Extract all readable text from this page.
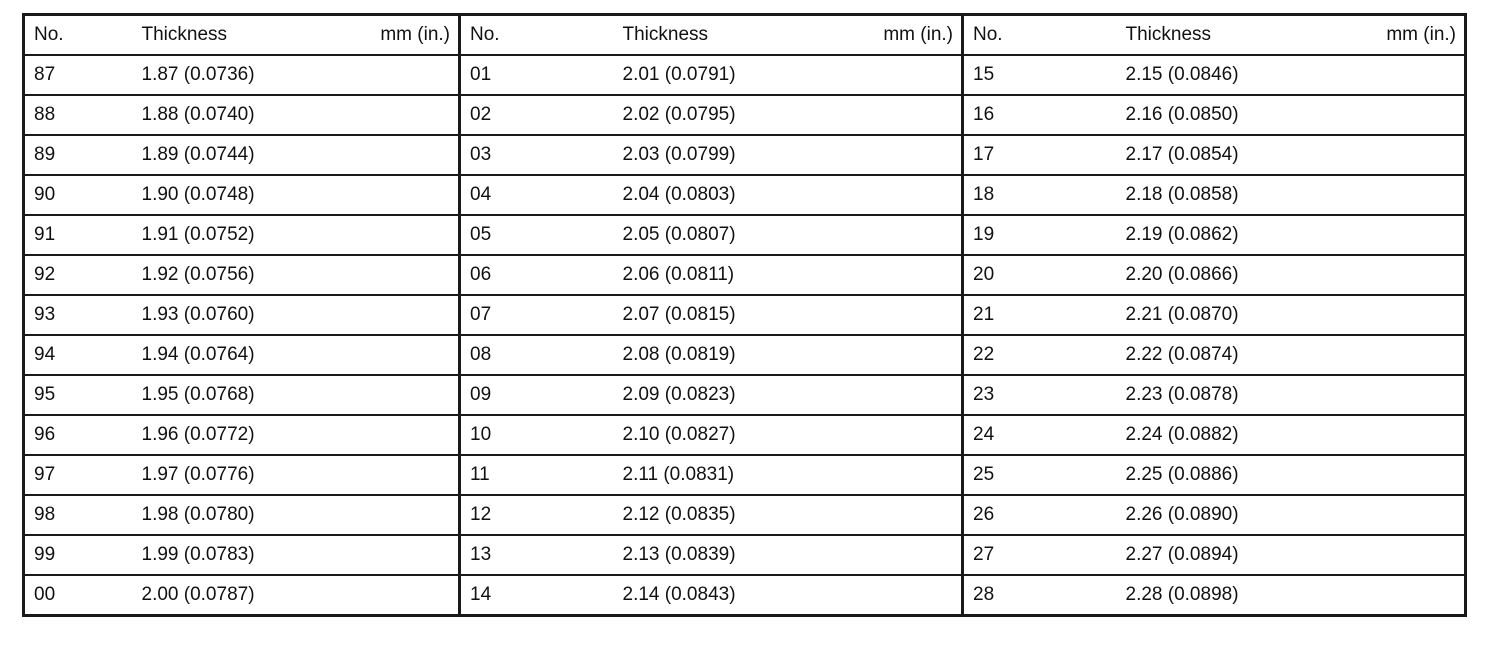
No.	Thickness	mm (in.)
87	1.87 (0.0736)	
88	1.88 (0.0740)	
89	1.89 (0.0744)	
90	1.90 (0.0748)	
91	1.91 (0.0752)	
92	1.92 (0.0756)	
93	1.93 (0.0760)	
94	1.94 (0.0764)	
95	1.95 (0.0768)	
96	1.96 (0.0772)	
97	1.97 (0.0776)	
98	1.98 (0.0780)	
99	1.99 (0.0783)	
00	2.00 (0.0787)	
No.	Thickness	mm (in.)
01	2.01 (0.0791)	
02	2.02 (0.0795)	
03	2.03 (0.0799)	
04	2.04 (0.0803)	
05	2.05 (0.0807)	
06	2.06 (0.0811)	
07	2.07 (0.0815)	
08	2.08 (0.0819)	
09	2.09 (0.0823)	
10	2.10 (0.0827)	
11	2.11 (0.0831)	
12	2.12 (0.0835)	
13	2.13 (0.0839)	
14	2.14 (0.0843)	
No.	Thickness	mm (in.)
15	2.15 (0.0846)	
16	2.16 (0.0850)	
17	2.17 (0.0854)	
18	2.18 (0.0858)	
19	2.19 (0.0862)	
20	2.20 (0.0866)	
21	2.21 (0.0870)	
22	2.22 (0.0874)	
23	2.23 (0.0878)	
24	2.24 (0.0882)	
25	2.25 (0.0886)	
26	2.26 (0.0890)	
27	2.27 (0.0894)	
28	2.28 (0.0898)	
